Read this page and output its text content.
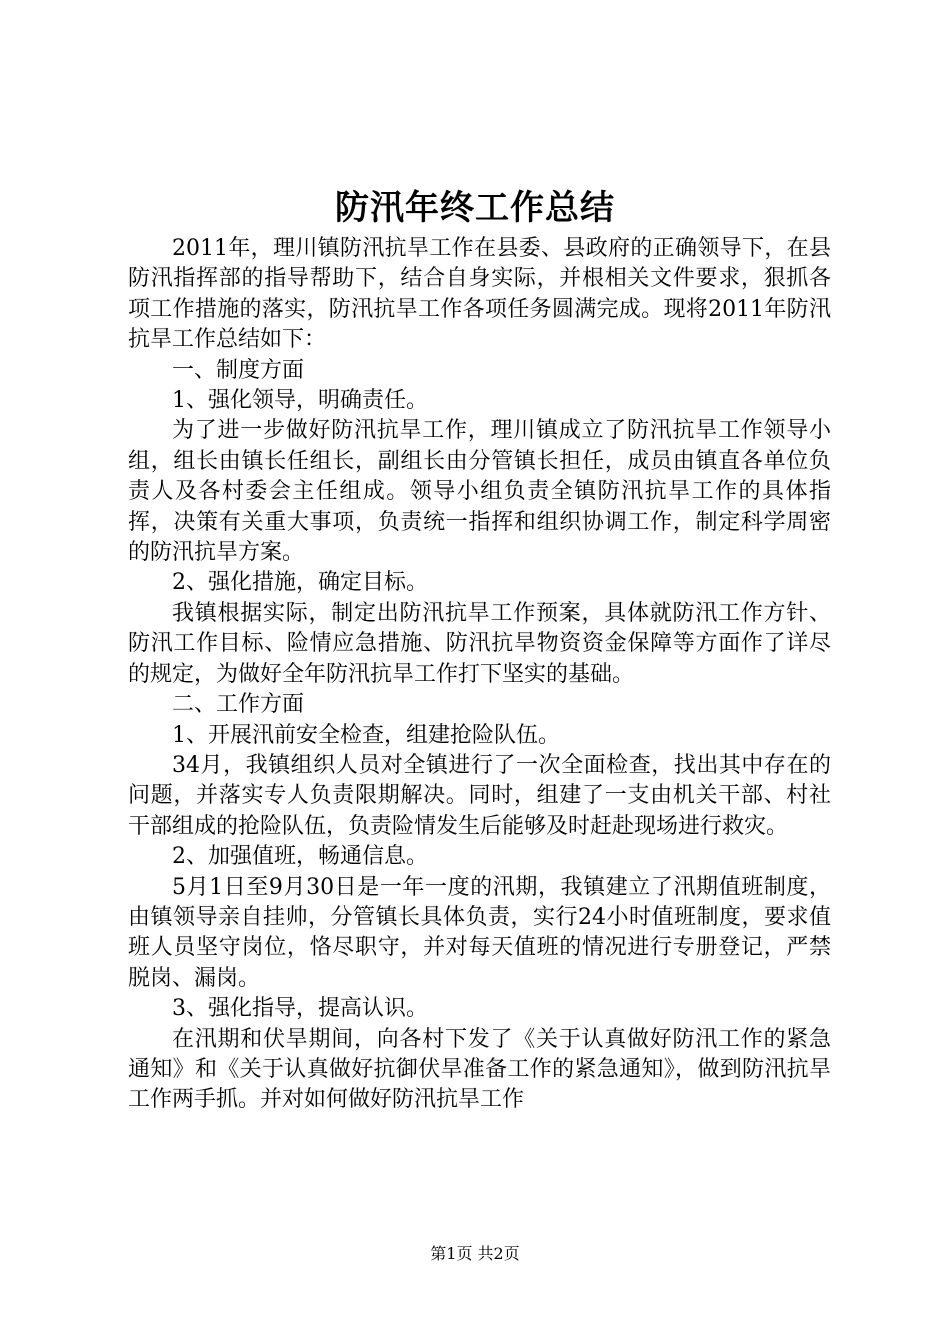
防汛年终工作总结

2011年，理川镇防汛抗旱工作在县委、县政府的正确领导下，在县防汛指挥部的指导帮助下，结合自身实际，并根相关文件要求，狠抓各项工作措施的落实，防汛抗旱工作各项任务圆满完成。现将2011年防汛抗旱工作总结如下：

一、制度方面

1、强化领导，明确责任。

为了进一步做好防汛抗旱工作，理川镇成立了防汛抗旱工作领导小组，组长由镇长任组长，副组长由分管镇长担任，成员由镇直各单位负责人及各村委会主任组成。领导小组负责全镇防汛抗旱工作的具体指挥，决策有关重大事项，负责统一指挥和组织协调工作，制定科学周密的防汛抗旱方案。

2、强化措施，确定目标。

我镇根据实际，制定出防汛抗旱工作预案，具体就防汛工作方针、防汛工作目标、险情应急措施、防汛抗旱物资资金保障等方面作了详尽的规定，为做好全年防汛抗旱工作打下坚实的基础。

二、工作方面

1、开展汛前安全检查，组建抢险队伍。

34月，我镇组织人员对全镇进行了一次全面检查，找出其中存在的问题，并落实专人负责限期解决。同时，组建了一支由机关干部、村社干部组成的抢险队伍，负责险情发生后能够及时赶赴现场进行救灾。

2、加强值班，畅通信息。

5月1日至9月30日是一年一度的汛期，我镇建立了汛期值班制度，由镇领导亲自挂帅，分管镇长具体负责，实行24小时值班制度，要求值班人员坚守岗位，恪尽职守，并对每天值班的情况进行专册登记，严禁脱岗、漏岗。

3、强化指导，提高认识。

在汛期和伏旱期间，向各村下发了《关于认真做好防汛工作的紧急通知》和《关于认真做好抗御伏旱准备工作的紧急通知》，做到防汛抗旱工作两手抓。并对如何做好防汛抗旱工作

第1页 共2页
